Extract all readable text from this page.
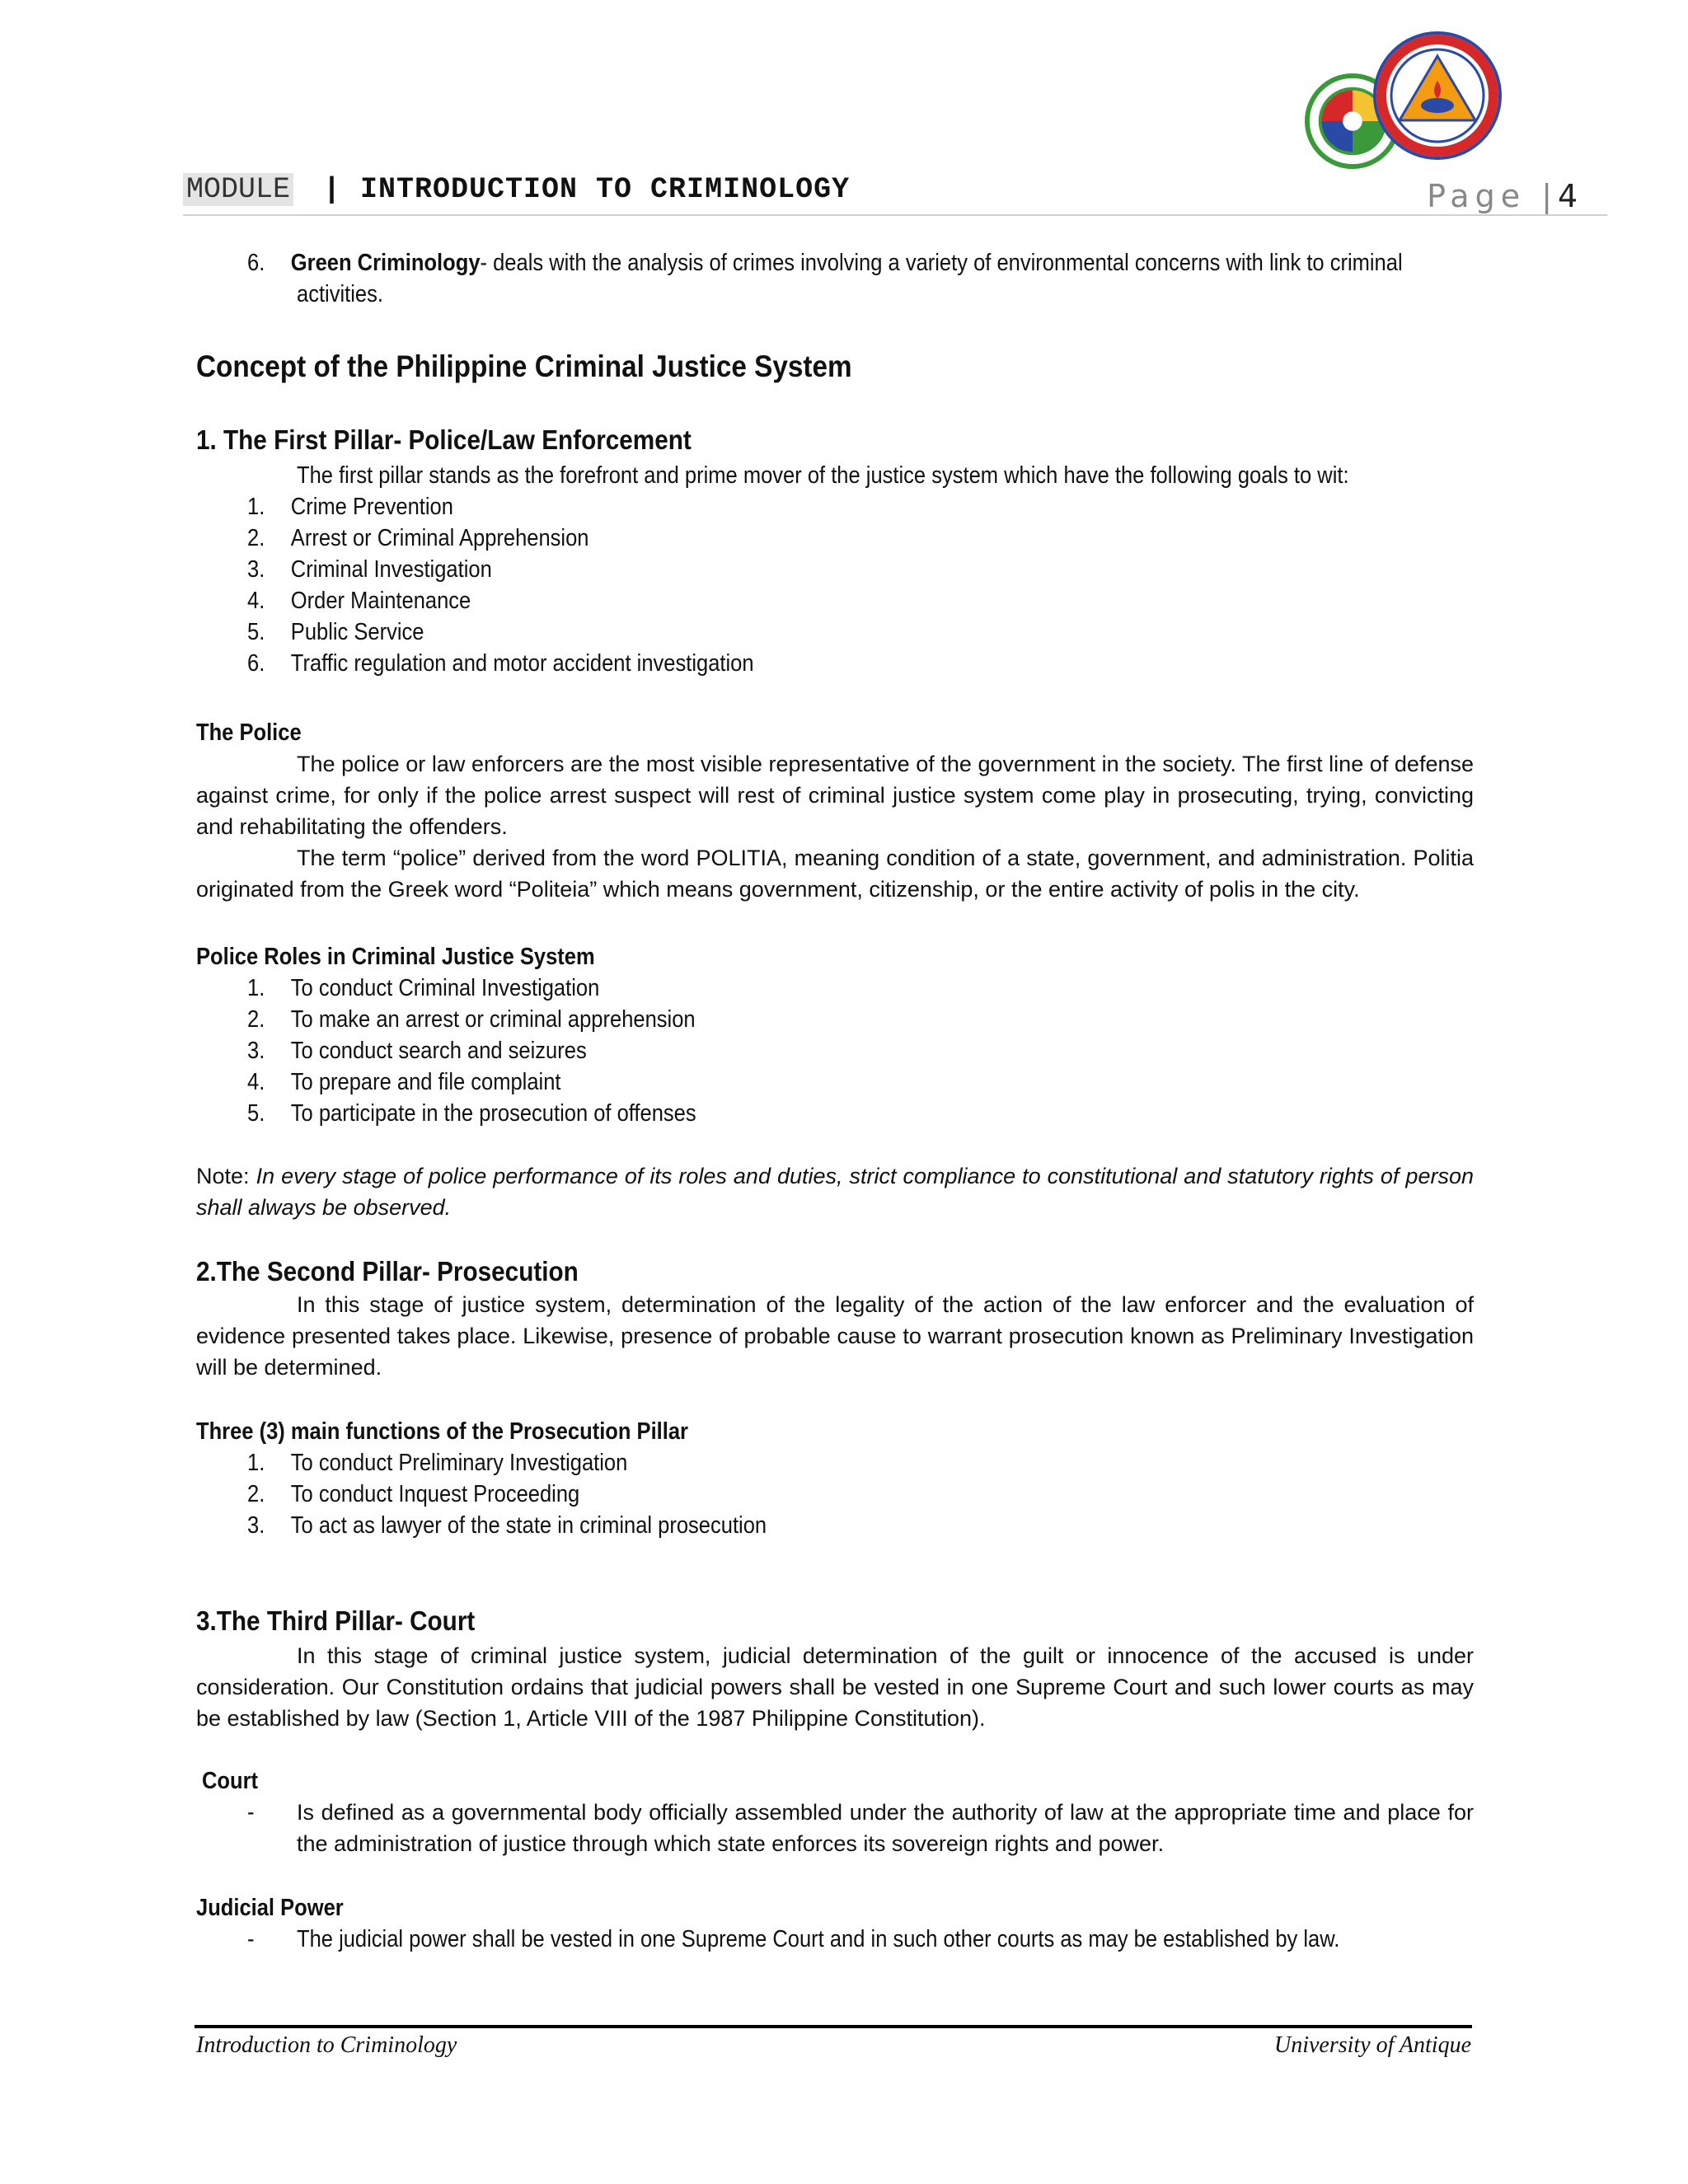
MODULE | INTRODUCTION TO CRIMINOLOGY	Page |4
6. Green Criminology- deals with the analysis of crimes involving a variety of environmental concerns with link to criminal
activities.
Concept of the Philippine Criminal Justice System
1. The First Pillar- Police/Law Enforcement
The first pillar stands as the forefront and prime mover of the justice system which have the following goals to wit:
1. Crime Prevention
2. Arrest or Criminal Apprehension
3. Criminal Investigation
4. Order Maintenance
5. Public Service
6. Traffic regulation and motor accident investigation
The Police
The police or law enforcers are the most visible representative of the government in the society. The first line of defense against crime, for only if the police arrest suspect will rest of criminal justice system come play in prosecuting, trying, convicting and rehabilitating the offenders.
The term “police” derived from the word POLITIA, meaning condition of a state, government, and administration. Politia originated from the Greek word “Politeia” which means government, citizenship, or the entire activity of polis in the city.
Police Roles in Criminal Justice System
1. To conduct Criminal Investigation
2. To make an arrest or criminal apprehension
3. To conduct search and seizures
4. To prepare and file complaint
5. To participate in the prosecution of offenses
Note: In every stage of police performance of its roles and duties, strict compliance to constitutional and statutory rights of person shall always be observed.
2.The Second Pillar- Prosecution
In this stage of justice system, determination of the legality of the action of the law enforcer and the evaluation of evidence presented takes place. Likewise, presence of probable cause to warrant prosecution known as Preliminary Investigation will be determined.
Three (3) main functions of the Prosecution Pillar
1. To conduct Preliminary Investigation
2. To conduct Inquest Proceeding
3. To act as lawyer of the state in criminal prosecution
3.The Third Pillar- Court
In this stage of criminal justice system, judicial determination of the guilt or innocence of the accused is under consideration. Our Constitution ordains that judicial powers shall be vested in one Supreme Court and such lower courts as may be established by law (Section 1, Article VIII of the 1987 Philippine Constitution).
Court
- Is defined as a governmental body officially assembled under the authority of law at the appropriate time and place for the administration of justice through which state enforces its sovereign rights and power.
Judicial Power
- The judicial power shall be vested in one Supreme Court and in such other courts as may be established by law.
Introduction to Criminology	University of Antique
